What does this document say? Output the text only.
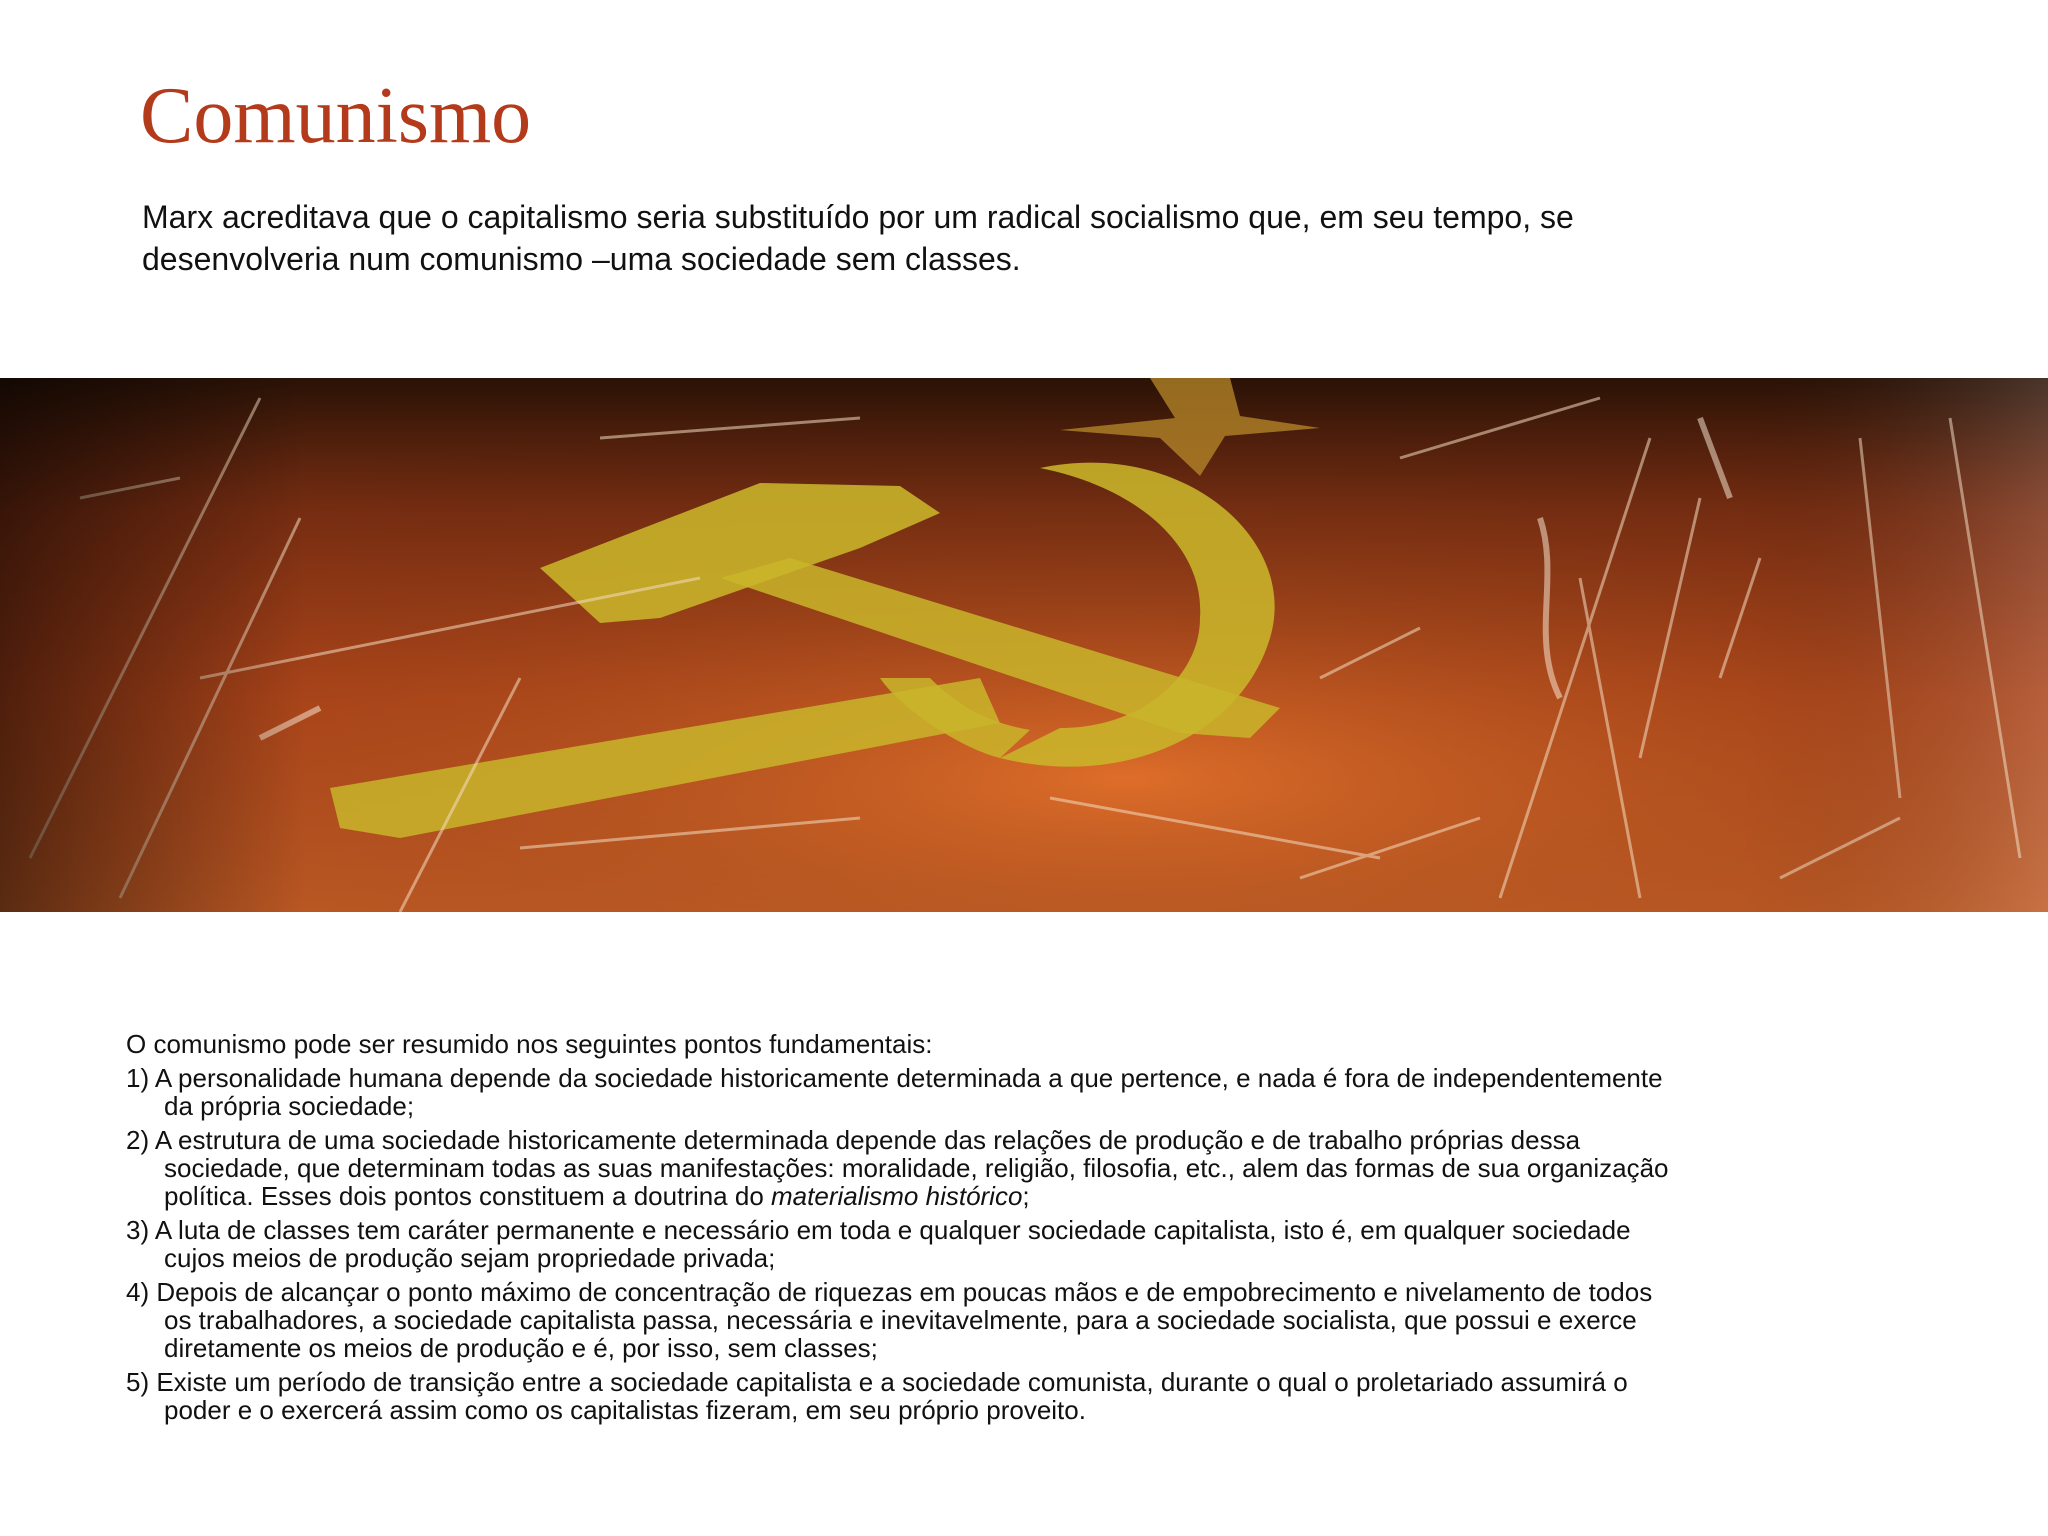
Comunismo

Marx acreditava que o capitalismo seria substituído por um radical socialismo que, em seu tempo, se desenvolveria num comunismo –uma sociedade sem classes.

O comunismo pode ser resumido nos seguintes pontos fundamentais:

1) A personalidade humana depende da sociedade historicamente determinada a que pertence, e nada é fora de independentemente da própria sociedade;
2) A estrutura de uma sociedade historicamente determinada depende das relações de produção e de trabalho próprias dessa sociedade, que determinam todas as suas manifestações: moralidade, religião, filosofia, etc., alem das formas de sua organização política. Esses dois pontos constituem a doutrina do materialismo histórico;
3) A luta de classes tem caráter permanente e necessário em toda e qualquer sociedade capitalista, isto é, em qualquer sociedade cujos meios de produção sejam propriedade privada;
4) Depois de alcançar o ponto máximo de concentração de riquezas em poucas mãos e de empobrecimento e nivelamento de todos os trabalhadores, a sociedade capitalista passa, necessária e inevitavelmente, para a sociedade socialista, que possui e exerce diretamente os meios de produção e é, por isso, sem classes;
5) Existe um período de transição entre a sociedade capitalista e a sociedade comunista, durante o qual o proletariado assumirá o poder e o exercerá assim como os capitalistas fizeram, em seu próprio proveito.
